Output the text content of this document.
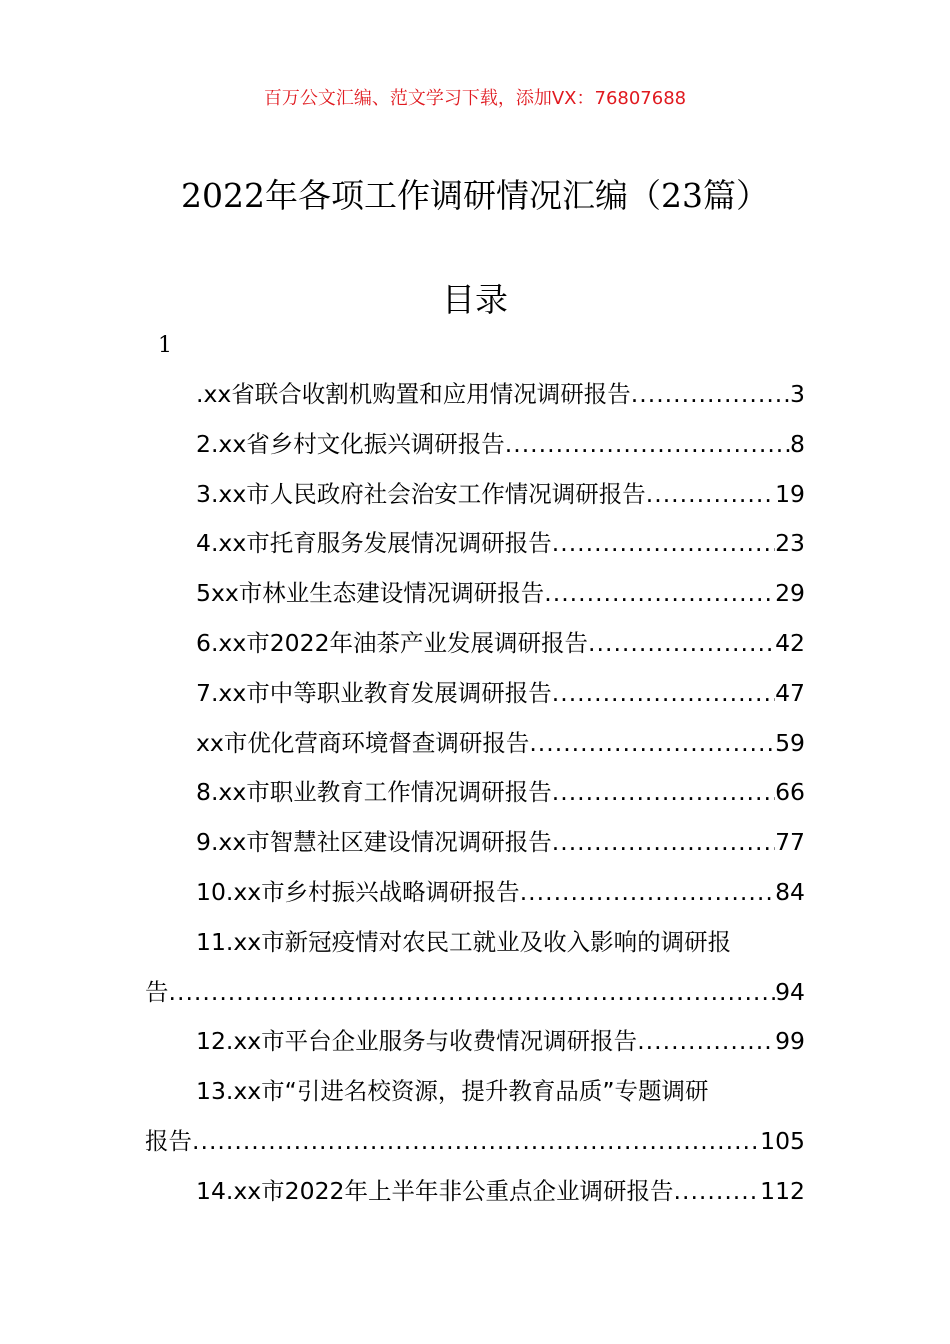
百万公文汇编、范文学习下载，添加VX：76807688
2022年各项工作调研情况汇编（23篇）
目录
1
.xx省联合收割机购置和应用情况调研报告 .....	3
2.xx省乡村文化振兴调研报告 .....	8
3.xx市人民政府社会治安工作情况调研报告 .....	19
4.xx市托育服务发展情况调研报告 .....	23
5xx市林业生态建设情况调研报告 .....	29
6.xx市2022年油茶产业发展调研报告 .....	42
7.xx市中等职业教育发展调研报告 .....	47
xx市优化营商环境督查调研报告 .....	59
8.xx市职业教育工作情况调研报告 .....	66
9.xx市智慧社区建设情况调研报告 .....	77
10.xx市乡村振兴战略调研报告 .....	84
11.xx市新冠疫情对农民工就业及收入影响的调研报
告 .....	94
12.xx市平台企业服务与收费情况调研报告 .....	99
13.xx市“引进名校资源，提升教育品质”专题调研
报告 .....	105
14.xx市2022年上半年非公重点企业调研报告 .....	112
